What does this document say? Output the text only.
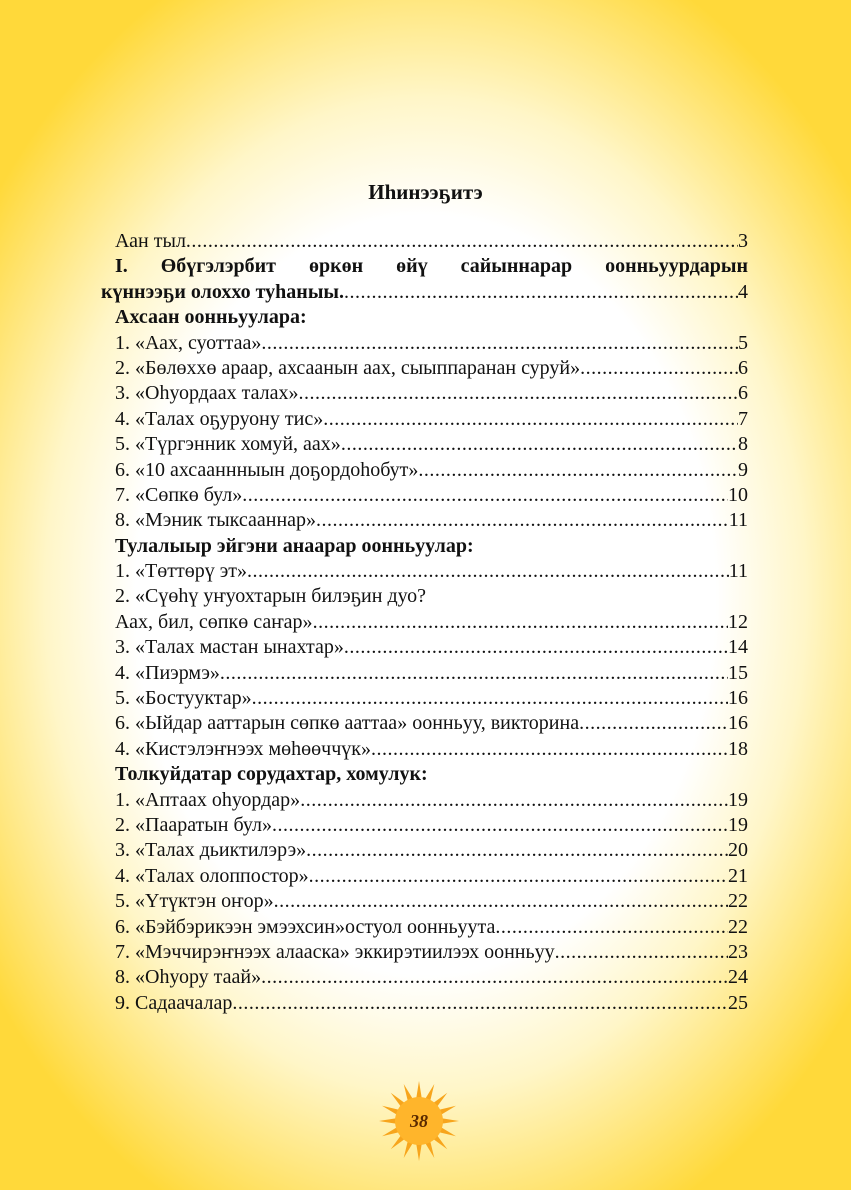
Иhинээҕитэ
Аан тыл .....	3
I. Өбүгэлэрбит өркөн өйү сайыннарар оонньуурдарын
күннээҕи олоххо туhаныы. .....	4
Ахсаан оонньуулара:
1. «Аах, суоттаа» .....	5
2. «Бөлөххө араар, ахсаанын аах, сыыппаранан суруй» .....	6
3. «Оhуордаах талах» .....	6
4. «Талах оҕуруону тис» .....	7
5. «Түргэнник хомуй, аах» .....	8
6. «10 ахсааннныын доҕордоhобут» .....	9
7. «Сөпкө бул» .....	10
8. «Мэник тыксааннар» .....	11
Тулалыыр эйгэни анаарар оонньуулар:
1. «Төттөрү эт» .....	11
2. «Сүөhү уҥуохтарын билэҕин дуо?
Аах, бил, сөпкө саҥар» .....	12
3. «Талах мастан ынахтар» .....	14
4. «Пиэрмэ» .....	15
5. «Бостууктар» .....	16
6. «Ыйдар ааттарын сөпкө ааттаа» оонньуу, викторина .....	16
4. «Кистэлэҥнээх мөhөөччүк» .....	18
Толкуйдатар сорудахтар, хомулук:
1. «Аптаах оhуордар» .....	19
2. «Пааратын бул» .....	19
3. «Талах дьиктилэрэ» .....	20
4. «Талах олоппостор» .....	21
5. «Үтүктэн оҥор» .....	22
6. «Бэйбэрикээн эмээхсин»остуол оонньуута .....	22
7. «Мэччирэҥнээх алааска» эккирэтиилээх оонньуу .....	23
8. «Оhуору таай» .....	24
9. Садаачалар .....	25
38
